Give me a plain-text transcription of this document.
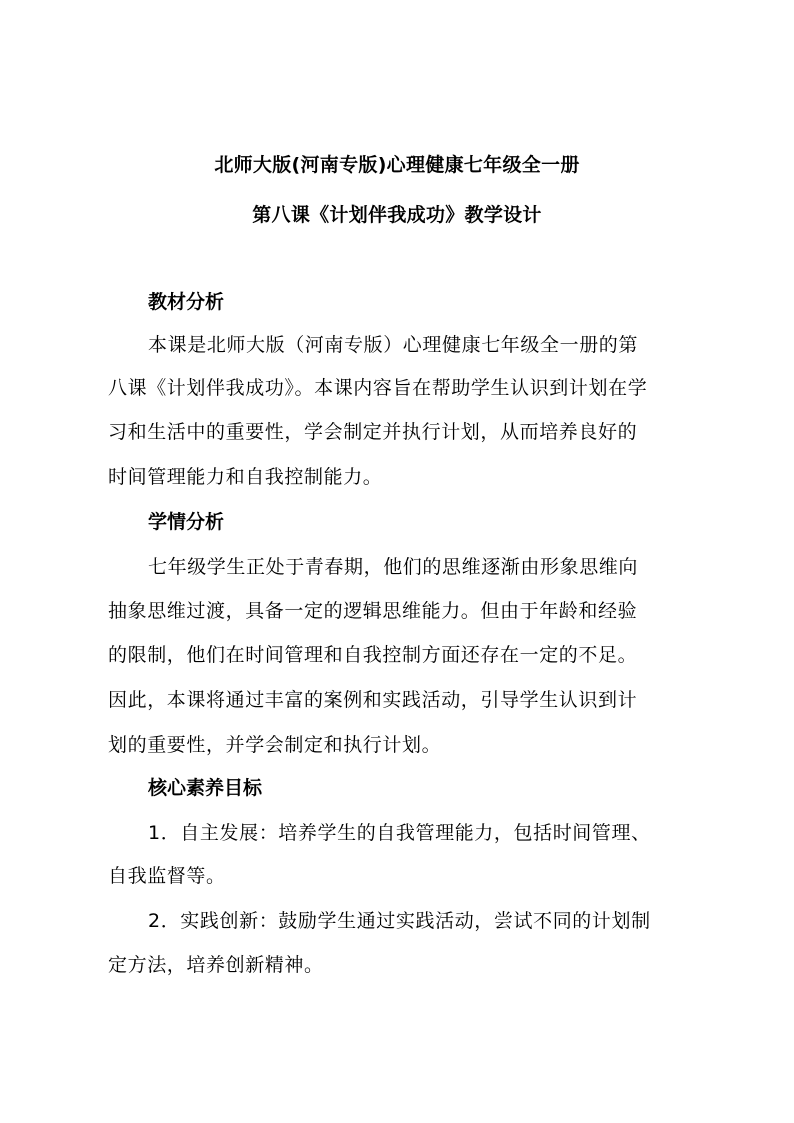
北师大版(河南专版)心理健康七年级全一册
第八课《计划伴我成功》教学设计
教材分析
本课是北师大版（河南专版）心理健康七年级全一册的第
八课《计划伴我成功》。本课内容旨在帮助学生认识到计划在学
习和生活中的重要性，学会制定并执行计划，从而培养良好的
时间管理能力和自我控制能力。
学情分析
七年级学生正处于青春期，他们的思维逐渐由形象思维向
抽象思维过渡，具备一定的逻辑思维能力。但由于年龄和经验
的限制，他们在时间管理和自我控制方面还存在一定的不足。
因此，本课将通过丰富的案例和实践活动，引导学生认识到计
划的重要性，并学会制定和执行计划。
核心素养目标
1．自主发展：培养学生的自我管理能力，包括时间管理、
自我监督等。
2．实践创新：鼓励学生通过实践活动，尝试不同的计划制
定方法，培养创新精神。
